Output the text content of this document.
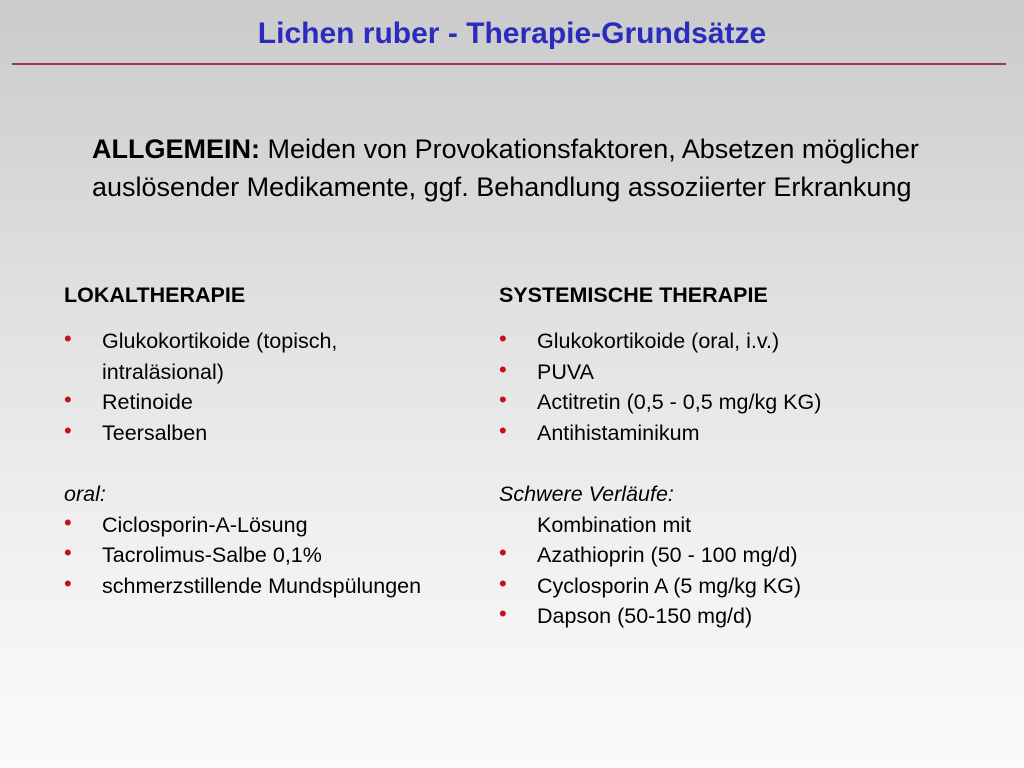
Lichen ruber - Therapie-Grundsätze
ALLGEMEIN: Meiden von Provokationsfaktoren, Absetzen möglicher auslösender Medikamente, ggf. Behandlung assoziierter Erkrankung
LOKALTHERAPIE
• Glukokortikoide (topisch, intraläsional)
• Retinoide
• Teersalben
oral:
• Ciclosporin-A-Lösung
• Tacrolimus-Salbe 0,1%
• schmerzstillende Mundspülungen
SYSTEMISCHE THERAPIE
• Glukokortikoide (oral, i.v.)
• PUVA
• Actitretin (0,5 - 0,5 mg/kg KG)
• Antihistaminikum
Schwere Verläufe:
Kombination mit
• Azathioprin (50 - 100 mg/d)
• Cyclosporin A (5 mg/kg KG)
• Dapson (50-150 mg/d)
